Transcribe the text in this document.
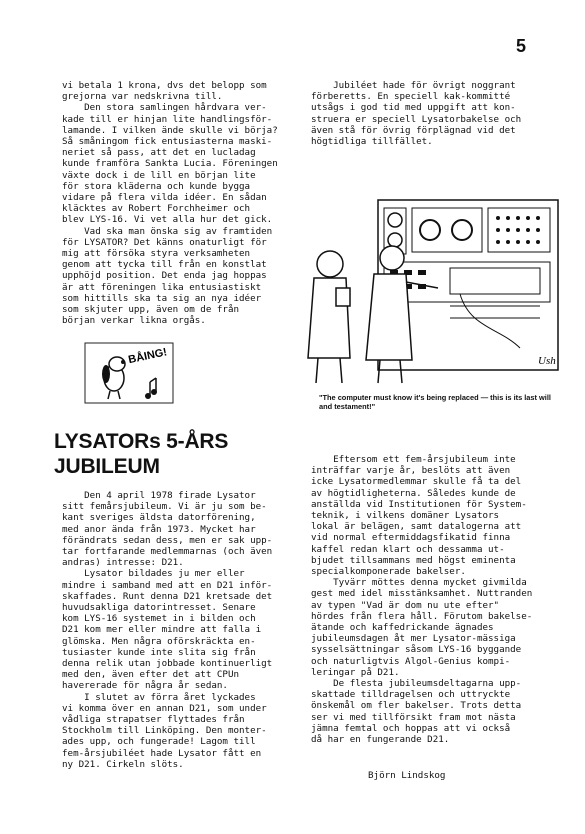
5
vi betala 1 krona, dvs det belopp som
grejorna var nedskrivna till.
Den stora samlingen hårdvara ver-
kade till er hinjan lite handlingsför-
lamande. I vilken ände skulle vi börja?
Så småningom fick entusiasterna maski-
neriet så pass, att det en lucladag
kunde framföra Sankta Lucia. Föreningen
växte dock i de lill en början lite
för stora kläderna och kunde bygga
vidare på flera vilda idéer. En sådan
kläcktes av Robert Forchheimer och
blev LYS-16. Vi vet alla hur det gick.
Vad ska man önska sig av framtiden
för LYSATOR? Det känns onaturligt för
mig att försöka styra verksamheten
genom att tycka till från en konstlat
upphöjd position. Det enda jag hoppas
är att föreningen lika entusiastiskt
som hittills ska ta sig an nya idéer
som skjuter upp, även om de från
början verkar likna orgås.
BÅING!
LYSATORs 5-ÅRS
JUBILEUM
Den 4 april 1978 firade Lysator
sitt femårsjubileum. Vi är ju som be-
kant sveriges äldsta datorförening,
med anor ända från 1973. Mycket har
förändrats sedan dess, men er sak upp-
tar fortfarande medlemmarnas (och även
andras) intresse: D21.
Lysator bildades ju mer eller
mindre i samband med att en D21 inför-
skaffades. Runt denna D21 kretsade det
huvudsakliga datorintresset. Senare
kom LYS-16 systemet in i bilden och
D21 kom mer eller mindre att falla i
glömska. Men några oförskräckta en-
tusiaster kunde inte slita sig från
denna relik utan jobbade kontinuerligt
med den, även efter det att CPUn
havererade för några år sedan.
I slutet av förra året lyckades
vi komma över en annan D21, som under
vådliga strapatser flyttades från
Stockholm till Linköping. Den monter-
ades upp, och fungerade! Lagom till
fem-årsjubiléet hade Lysator fått en
ny D21. Cirkeln slöts.
Jubiléet hade för övrigt noggrant
förberetts. En speciell kak-kommitté
utsågs i god tid med uppgift att kon-
struera er speciell Lysatorbakelse och
även stå för övrig förplägnad vid det
högtidliga tillfället.
Ush
"The computer must know it's being replaced — this is its last will and testament!"
Eftersom ett fem-årsjubileum inte
inträffar varje år, beslöts att även
icke Lysatormedlemmar skulle få ta del
av högtidligheterna. Således kunde de
anställda vid Institutionen för System-
teknik, i vilkens domäner Lysators
lokal är belägen, samt datalogerna att
vid normal eftermiddagsfikatid finna
kaffel redan klart och dessamma ut-
bjudet tillsammans med högst eminenta
specialkomponerade bakelser.
Tyvärr möttes denna mycket givmilda
gest med idel misstänksamhet. Nuttranden
av typen "Vad är dom nu ute efter"
hördes från flera håll. Förutom bakelse-
ätande och kaffedrickande ägnades
jubileumsdagen åt mer Lysator-mässiga
sysselsättningar såsom LYS-16 byggande
och naturligtvis Algol-Genius kompi-
leringar på D21.
De flesta jubileumsdeltagarna upp-
skattade tilldragelsen och uttryckte
önskemål om fler bakelser. Trots detta
ser vi med tillförsikt fram mot nästa
jämna femtal och hoppas att vi också
då har en fungerande D21.
Björn Lindskog
